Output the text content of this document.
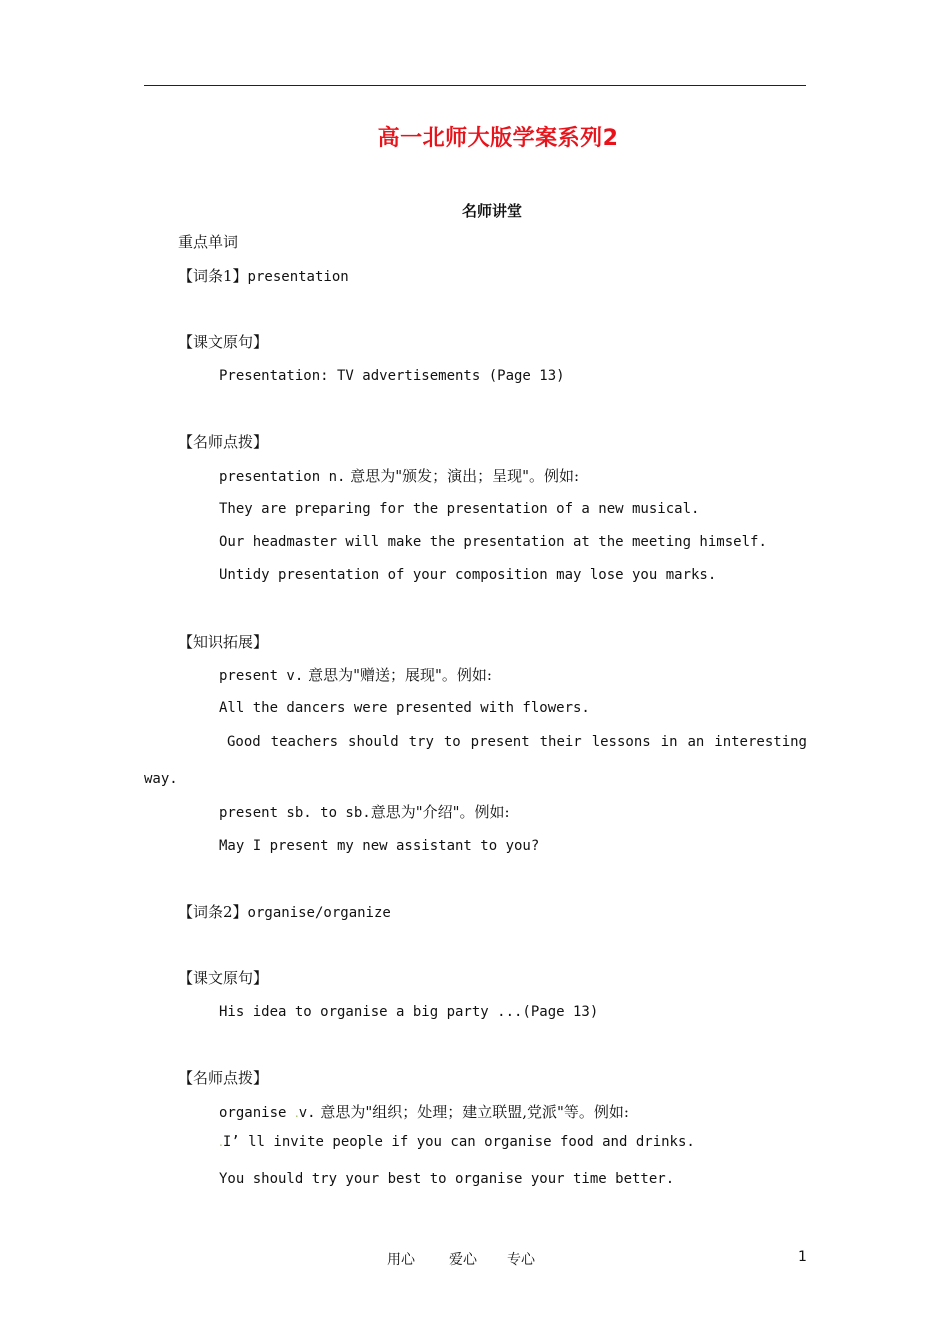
高一北师大版学案系列2
名师讲堂
重点单词
【词条1】presentation
【课文原句】
Presentation: TV advertisements (Page 13)
【名师点拨】
presentation n. 意思为"颁发；演出；呈现"。例如:
They are preparing for the presentation of a new musical.
Our headmaster will make the presentation at the meeting himself.
Untidy presentation of your composition may lose you marks.
【知识拓展】
present v. 意思为"赠送；展现"。例如:
All the dancers were presented with flowers.
Good teachers should try to present their lessons in an interesting
way.
present sb. to sb.意思为"介绍"。例如:
May I present my new assistant to you?
【词条2】organise/organize
【课文原句】
His idea to organise a big party ...(Page 13)
【名师点拨】
organise .v. 意思为"组织；处理；建立联盟,党派"等。例如:
.I’ ll invite people if you can organise food and drinks.
You should try your best to organise your time better.
用心 爱心 专心	1
